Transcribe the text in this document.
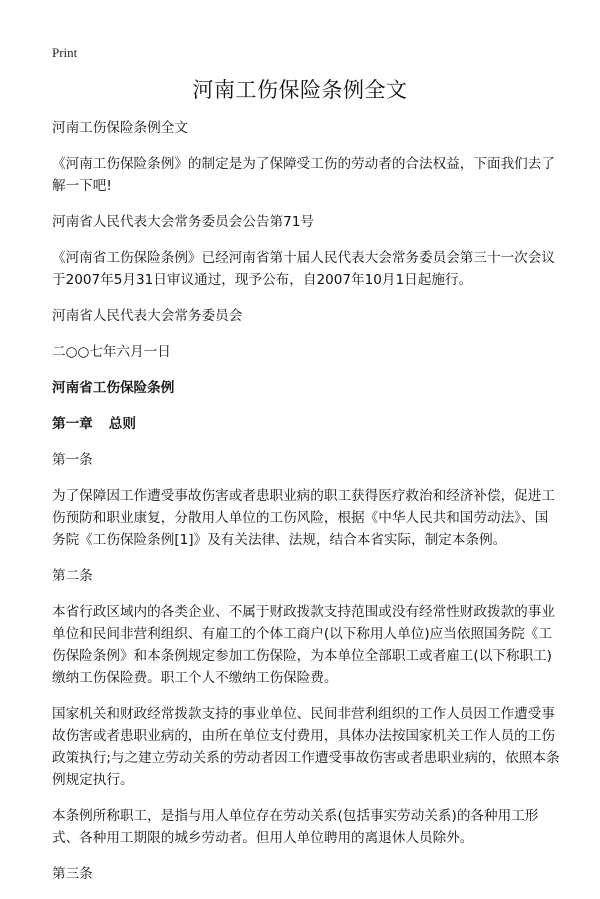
Print
河南工伤保险条例全文

河南工伤保险条例全文

《河南工伤保险条例》的制定是为了保障受工伤的劳动者的合法权益，下面我们去了解一下吧!

河南省人民代表大会常务委员会公告第71号

《河南省工伤保险条例》已经河南省第十届人民代表大会常务委员会第三十一次会议于2007年5月31日审议通过，现予公布，自2007年10月1日起施行。

河南省人民代表大会常务委员会

二○○七年六月一日

河南省工伤保险条例

第一章 总则

第一条

为了保障因工作遭受事故伤害或者患职业病的职工获得医疗救治和经济补偿，促进工伤预防和职业康复，分散用人单位的工伤风险，根据《中华人民共和国劳动法》、国务院《工伤保险条例[1]》及有关法律、法规，结合本省实际，制定本条例。

第二条

本省行政区域内的各类企业、不属于财政拨款支持范围或没有经常性财政拨款的事业单位和民间非营利组织、有雇工的个体工商户(以下称用人单位)应当依照国务院《工伤保险条例》和本条例规定参加工伤保险，为本单位全部职工或者雇工(以下称职工)缴纳工伤保险费。职工个人不缴纳工伤保险费。

国家机关和财政经常拨款支持的事业单位、民间非营利组织的工作人员因工作遭受事故伤害或者患职业病的，由所在单位支付费用，具体办法按国家机关工作人员的工伤政策执行;与之建立劳动关系的劳动者因工作遭受事故伤害或者患职业病的，依照本条例规定执行。

本条例所称职工，是指与用人单位存在劳动关系(包括事实劳动关系)的各种用工形式、各种用工期限的城乡劳动者。但用人单位聘用的离退休人员除外。

第三条
